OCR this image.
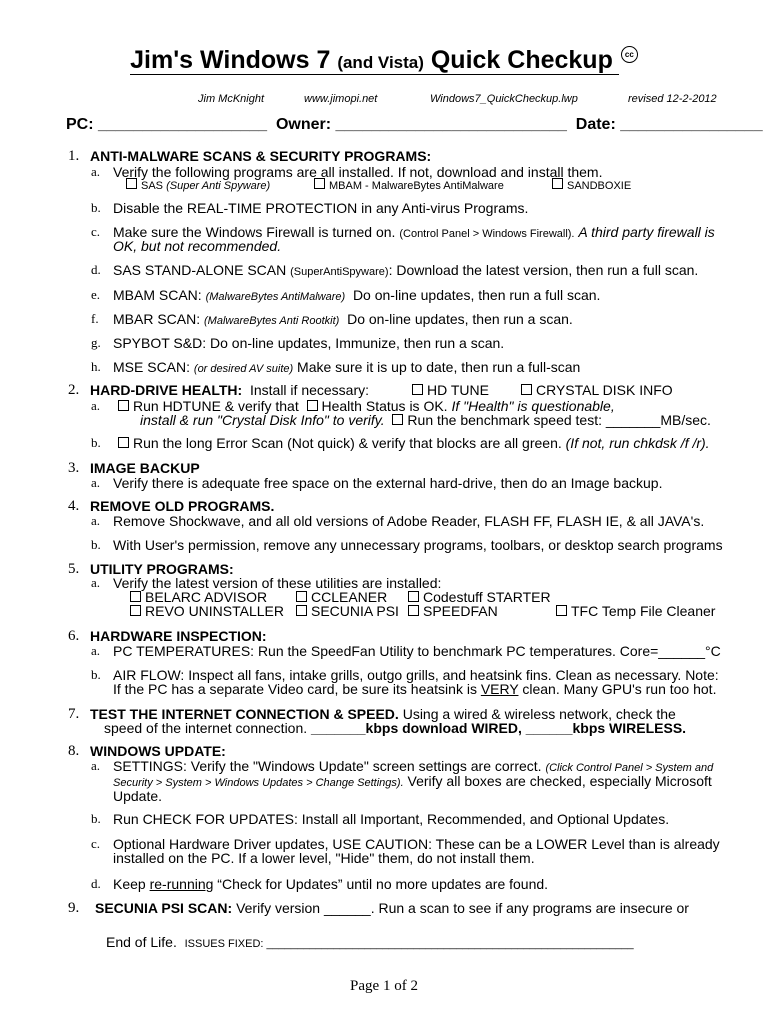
Jim's Windows 7 (and Vista) Quick Checkup cc
Jim McKnight	www.jimopi.net	Windows7_QuickCheckup.lwp	revised 12-2-2012
PC: ___________________  Owner: __________________________  Date: ________________
1. ANTI-MALWARE SCANS & SECURITY PROGRAMS:
a. Verify the following programs are all installed. If not, download and install them.
SAS (Super Anti Spyware)	MBAM - MalwareBytes AntiMalware	SANDBOXIE
b. Disable the REAL-TIME PROTECTION in any Anti-virus Programs.
c. Make sure the Windows Firewall is turned on. (Control Panel > Windows Firewall). A third party firewall is
OK, but not recommended.
d. SAS STAND-ALONE SCAN (SuperAntiSpyware): Download the latest version, then run a full scan.
e. MBAM SCAN: (MalwareBytes AntiMalware) Do on-line updates, then run a full scan.
f. MBAR SCAN: (MalwareBytes Anti Rootkit) Do on-line updates, then run a scan.
g. SPYBOT S&D: Do on-line updates, Immunize, then run a scan.
h. MSE SCAN: (or desired AV suite) Make sure it is up to date, then run a full-scan
2. HARD-DRIVE HEALTH: Install if necessary:	HD TUNE	CRYSTAL DISK INFO
a.	Run HDTUNE & verify that Health Status is OK. If "Health" is questionable,
install & run "Crystal Disk Info" to verify. Run the benchmark speed test: _______MB/sec.
b.	Run the long Error Scan (Not quick) & verify that blocks are all green. (If not, run chkdsk /f /r).
3. IMAGE BACKUP
a. Verify there is adequate free space on the external hard-drive, then do an Image backup.
4. REMOVE OLD PROGRAMS.
a. Remove Shockwave, and all old versions of Adobe Reader, FLASH FF, FLASH IE, & all JAVA's.
b. With User's permission, remove any unnecessary programs, toolbars, or desktop search programs
5. UTILITY PROGRAMS:
a. Verify the latest version of these utilities are installed:
BELARC ADVISOR	CCLEANER	Codestuff STARTER
REVO UNINSTALLER	SECUNIA PSI	SPEEDFAN	TFC Temp File Cleaner
6. HARDWARE INSPECTION:
a. PC TEMPERATURES: Run the SpeedFan Utility to benchmark PC temperatures. Core=______°C
b. AIR FLOW: Inspect all fans, intake grills, outgo grills, and heatsink fins. Clean as necessary. Note:
If the PC has a separate Video card, be sure its heatsink is VERY clean. Many GPU's run too hot.
7. TEST THE INTERNET CONNECTION & SPEED. Using a wired & wireless network, check the
speed of the internet connection. _______kbps download WIRED, ______kbps WIRELESS.
8. WINDOWS UPDATE:
a. SETTINGS: Verify the "Windows Update" screen settings are correct. (Click Control Panel > System and
Security > System > Windows Updates > Change Settings). Verify all boxes are checked, especially Microsoft
Update.
b. Run CHECK FOR UPDATES: Install all Important, Recommended, and Optional Updates.
c. Optional Hardware Driver updates, USE CAUTION: These can be a LOWER Level than is already
installed on the PC. If a lower level, "Hide" them, do not install them.
d. Keep re-running “Check for Updates” until no more updates are found.
9. SECUNIA PSI SCAN: Verify version ______. Run a scan to see if any programs are insecure or
End of Life. ISSUES FIXED: ____________________________________________________________
Page 1 of 2
